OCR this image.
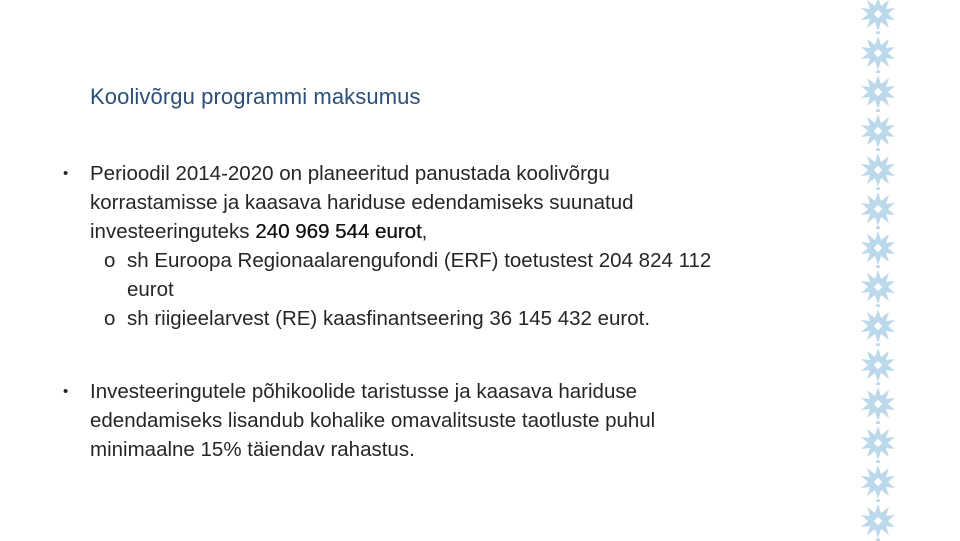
Koolivõrgu programmi maksumus
• Perioodil 2014-2020 on planeeritud panustada koolivõrgu
korrastamisse ja kaasava hariduse edendamiseks suunatud
investeeringuteks 240 969 544 eurot,
o sh Euroopa Regionaalarengufondi (ERF) toetustest 204 824 112
eurot
o sh riigieelarvest (RE) kaasfinantseering 36 145 432 eurot.
• Investeeringutele põhikoolide taristusse ja kaasava hariduse
edendamiseks lisandub kohalike omavalitsuste taotluste puhul
minimaalne 15% täiendav rahastus.
